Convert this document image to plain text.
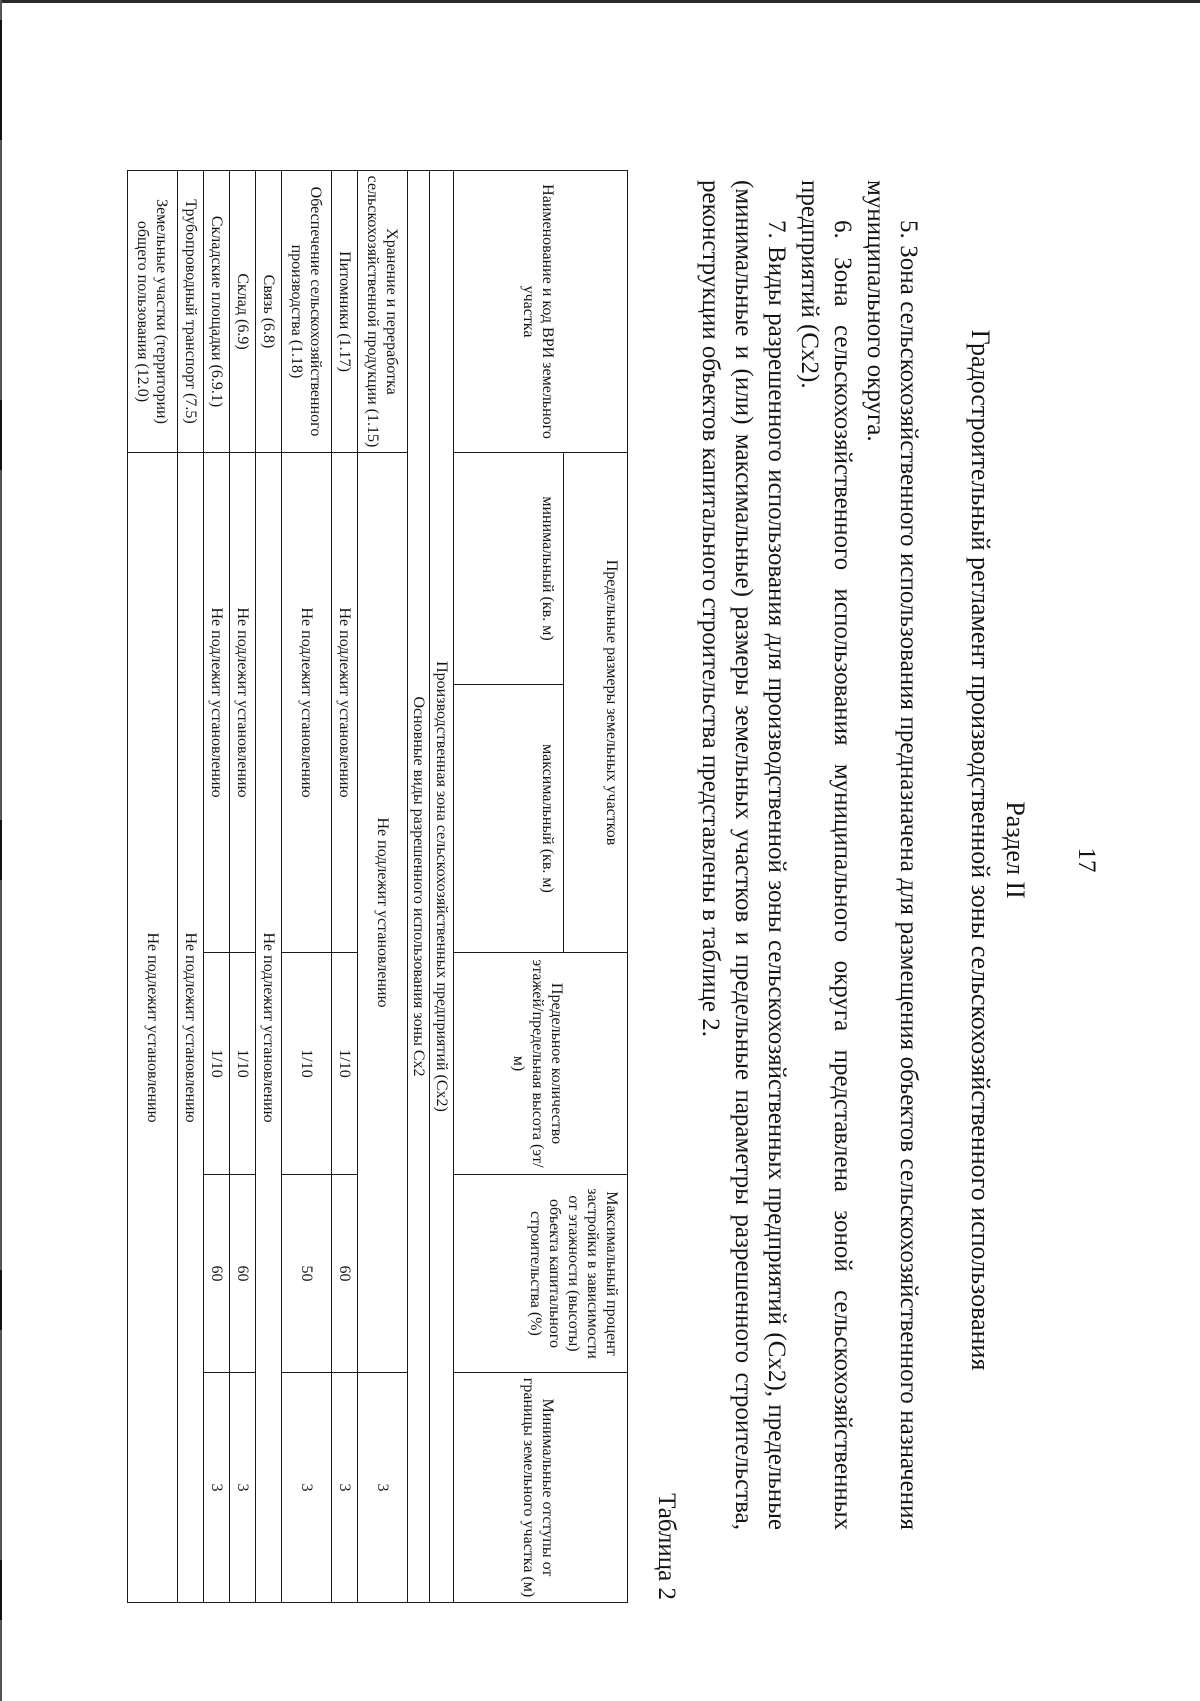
17
Раздел II
Градостроительный регламент производственной зоны сельскохозяйственного использования

5. Зона сельскохозяйственного использования предназначена для размещения объектов сельскохозяйственного назначения муниципального округа.

6. Зона сельскохозяйственного использования муниципального округа представлена зоной сельскохозяйственных предприятий (Сх2).

7. Виды разрешенного использования для производственной зоны сельскохозяйственных предприятий (Сх2), предельные (минимальные и (или) максимальные) размеры земельных участков и предельные параметры разрешенного строительства, реконструкции объектов капитального строительства представлены в таблице 2.

Таблица 2
Наименование и код ВРИ земельного участка	Предельные размеры земельных участков		Предельное количество этажей/предельная высота (эт/м)	Максимальный процент застройки в зависимости от этажности (высоты) объекта капитального строительства (%)	Минимальные отступы от границы земельного участка (м)
	минимальный (кв. м)	максимальный (кв. м)			
Производственная зона сельскохозяйственных предприятий (Сх2)					
Основные виды разрешенного использования зоны Сх2					
Хранение и переработка сельскохозяйственной продукции (1.15)	Не подлежит установлению				3
Питомники (1.17)	Не подлежит установлению		1/10	60	3
Обеспечение сельскохозяйственного производства (1.18)	Не подлежит установлению		1/10	50	3
Связь (6.8)	Не подлежит установлению				
Склад (6.9)	Не подлежит установлению		1/10	60	3
Складские площадки (6.9.1)	Не подлежит установлению		1/10	60	3
Трубопроводный транспорт (7.5)	Не подлежит установлению				
Земельные участки (территории) общего пользования (12.0)	Не подлежит установлению				
